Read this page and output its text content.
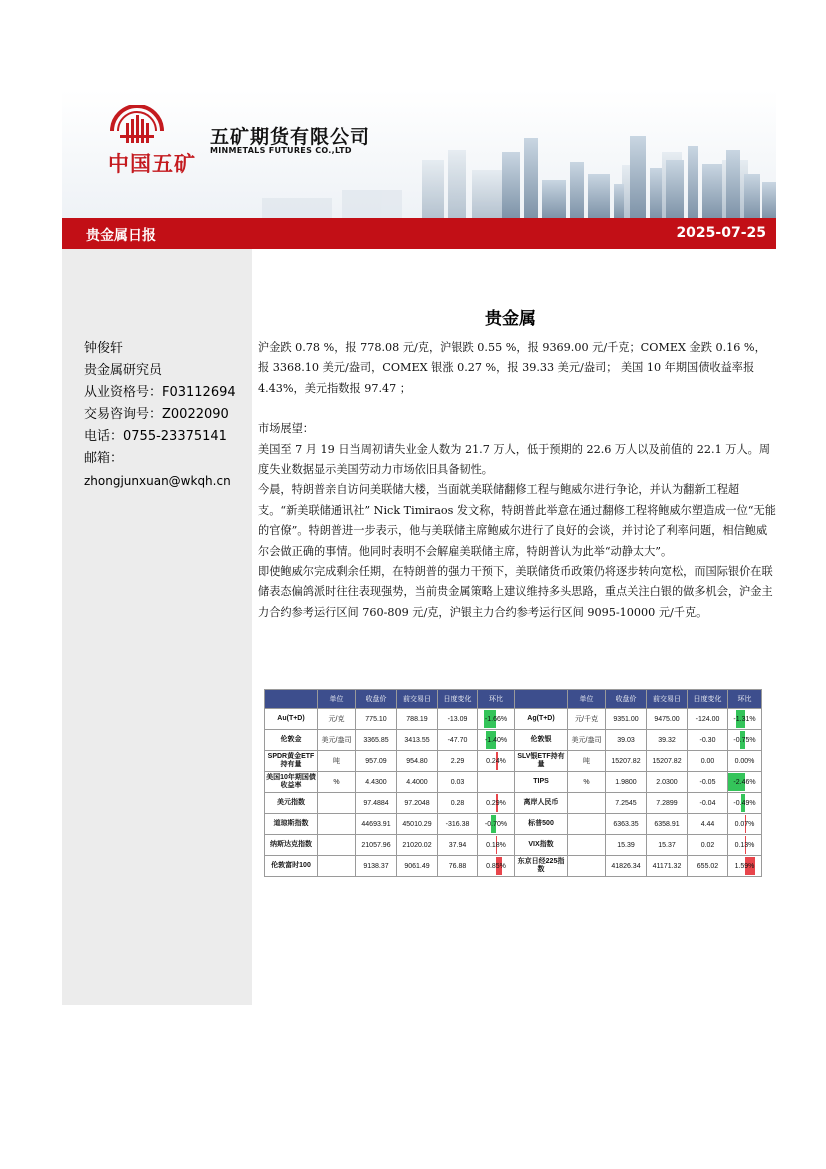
中国五矿
五矿期货有限公司
MINMETALS FUTURES CO.,LTD
贵金属日报	2025-07-25
钟俊轩
贵金属研究员
从业资格号：F03112694
交易咨询号：Z0022090
电话：0755-23375141
邮箱：
zhongjunxuan@wkqh.cn
贵金属

沪金跌 0.78 %，报 778.08 元/克，沪银跌 0.55 %，报 9369.00 元/千克；COMEX 金跌 0.16 %，报 3368.10 美元/盎司，COMEX 银涨 0.27 %，报 39.33 美元/盎司； 美国 10 年期国债收益率报 4.43%，美元指数报 97.47 ；

市场展望：

美国至 7 月 19 日当周初请失业金人数为 21.7 万人，低于预期的 22.6 万人以及前值的 22.1 万人。周度失业数据显示美国劳动力市场依旧具备韧性。

今晨，特朗普亲自访问美联储大楼，当面就美联储翻修工程与鲍威尔进行争论，并认为翻新工程超支。“新美联储通讯社” Nick Timiraos 发文称，特朗普此举意在通过翻修工程将鲍威尔塑造成一位“无能的官僚”。特朗普进一步表示，他与美联储主席鲍威尔进行了良好的会谈，并讨论了利率问题，相信鲍威尔会做正确的事情。他同时表明不会解雇美联储主席，特朗普认为此举“动静太大”。

即使鲍威尔完成剩余任期，在特朗普的强力干预下，美联储货币政策仍将逐步转向宽松，而国际银价在联储表态偏鸽派时往往表现强势，当前贵金属策略上建议维持多头思路，重点关注白银的做多机会，沪金主力合约参考运行区间 760-809 元/克，沪银主力合约参考运行区间 9095-10000 元/千克。

	单位	收盘价	前交易日	日度变化	环比		单位	收盘价	前交易日	日度变化	环比
Au(T+D)	元/克	775.10	788.19	-13.09	-1.66%	Ag(T+D)	元/千克	9351.00	9475.00	-124.00	-1.31%
伦敦金	美元/盎司	3365.85	3413.55	-47.70	-1.40%	伦敦银	美元/盎司	39.03	39.32	-0.30	-0.75%
SPDR黄金ETF持有量	吨	957.09	954.80	2.29	0.24%	SLV银ETF持有量	吨	15207.82	15207.82	0.00	0.00%
美国10年期国债收益率	%	4.4300	4.4000	0.03		TIPS	%	1.9800	2.0300	-0.05	-2.46%
美元指数		97.4884	97.2048	0.28	0.29%	离岸人民币		7.2545	7.2899	-0.04	-0.49%
道琼斯指数		44693.91	45010.29	-316.38	-0.70%	标普500		6363.35	6358.91	4.44	0.07%
纳斯达克指数		21057.96	21020.02	37.94	0.18%	VIX指数		15.39	15.37	0.02	0.13%
伦敦富时100		9138.37	9061.49	76.88	0.85%	东京日经225指数		41826.34	41171.32	655.02	1.59%
